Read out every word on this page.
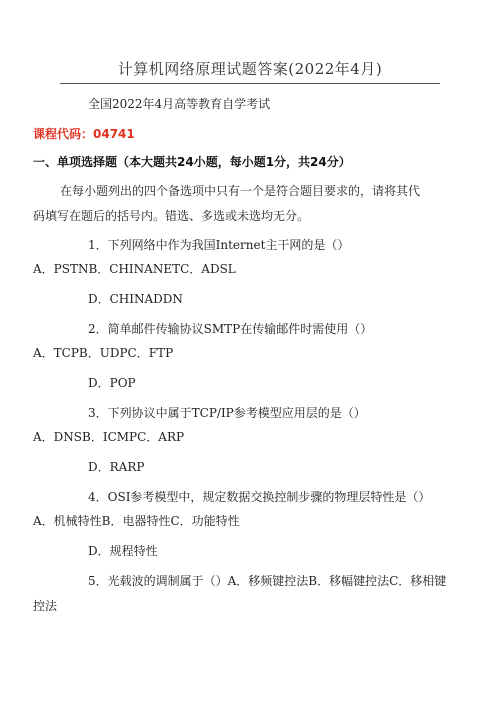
计算机网络原理试题答案(2022年4月)
全国2022年4月高等教育自学考试
课程代码：04741
一、单项选择题（本大题共24小题，每小题1分，共24分）
在每小题列出的四个备选项中只有一个是符合题目要求的，请将其代
码填写在题后的括号内。错选、多选或未选均无分。
1．下列网络中作为我国Internet主干网的是（）
A．PSTNB．CHINANETC．ADSL
D．CHINADDN
2．简单邮件传输协议SMTP在传输邮件时需使用（）
A．TCPB．UDPC．FTP
D．POP
3．下列协议中属于TCP/IP参考模型应用层的是（）
A．DNSB．ICMPC．ARP
D．RARP
4．OSI参考模型中，规定数据交换控制步骤的物理层特性是（）
A．机械特性B．电器特性C．功能特性
D．规程特性
5．光载波的调制属于（）A．移频键控法B．移幅键控法C．移相键
控法
